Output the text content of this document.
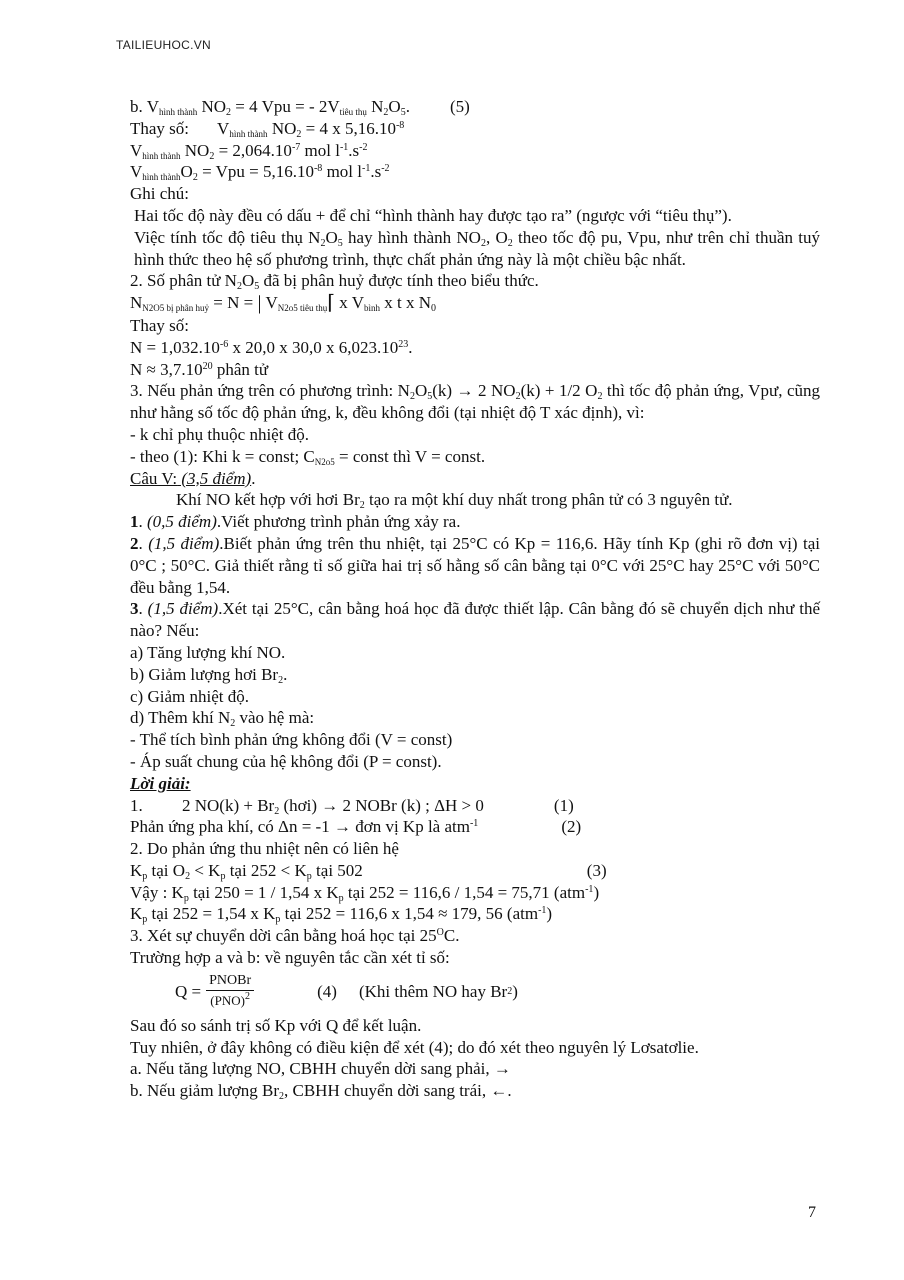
TAILIEUHOC.VN
b. $V_{hình thành}$ $NO_2 = 4$ Vpu = - $2V_{tiêu thụ}$ $N_2O_5$. (5)
Thay số: $V_{hình thành}$ $NO_2 = 4$ x $5,16.10^{-8}$
$V_{hình thành}$ $NO_2 = 2,064.10^{-7}$ mol $l^{-1}.s^{-2}$
$V_{hình thành}O_2$ = Vpu = $5,16.10^{-8}$ mol $l^{-1}.s^{-2}$
Ghi chú:
Hai tốc độ này đều có dấu + để chỉ “hình thành hay được tạo ra” (ngược với “tiêu thụ”).
Việc tính tốc độ tiêu thụ $N_2O_5$ hay hình thành $NO_2$, $O_2$ theo tốc độ pu, Vpu, như trên chỉ thuần tuý hình thức theo hệ số phương trình, thực chất phản ứng này là một chiều bậc nhất.
2. Số phân tử $N_2O_5$ đã bị phân huỷ được tính theo biểu thức.
$N_{N2O5 bị phân huỷ} = N$ = | $V_{N2o5 tiêu thụ}⌈$ x $V_{bình}$ x t x $N_0$
Thay số:
$N = 1,032.10^{-6}$ x 20,0 x 30,0 x 6,023.10$^{23}$.
$N \approx 3,7.10^{20}$ phân tử
3. Nếu phản ứng trên có phương trình: $N_2O_5(k) \to 2$ $NO_2(k) + 1/2$ $O_2$ thì tốc độ phản ứng, Vpư, cũng như hằng số tốc độ phản ứng, k, đều không đổi (tại nhiệt độ T xác định), vì:
- k chỉ phụ thuộc nhiệt độ.
- theo (1): Khi k = const; $C_{N2o5}$ = const thì V = const.
Câu V: (3,5 điểm).
Khí NO kết hợp với hơi $Br_2$ tạo ra một khí duy nhất trong phân tử có 3 nguyên tử.
1. (0,5 điểm).Viết phương trình phản ứng xảy ra.
2. (1,5 điểm).Biết phản ứng trên thu nhiệt, tại 25°C có Kp = 116,6. Hãy tính Kp (ghi rõ đơn vị) tại 0°C ; 50°C. Giả thiết rằng tỉ số giữa hai trị số hằng số cân bằng tại 0°C với 25°C hay 25°C với 50°C đều bằng 1,54.
3. (1,5 điểm).Xét tại 25°C, cân bằng hoá học đã được thiết lập. Cân bằng đó sẽ chuyển dịch như thế nào? Nếu:
a) Tăng lượng khí NO.
b) Giảm lượng hơi $Br_2$.
c) Giảm nhiệt độ.
d) Thêm khí $N_2$ vào hệ mà:
- Thể tích bình phản ứng không đổi (V = const)
- Áp suất chung của hệ không đổi (P = const).
Lời giải:
1. 2 $NO(k) + Br_2$ (hơi) → 2 NOBr (k) ; ΔH > 0	(1)
Phản ứng pha khí, có Δn = -1 → đơn vị Kp là atm$^{-1}$	(2)
2. Do phản ứng thu nhiệt nên có liên hệ
$K_p$ tại $O_2 < K_p$ tại $252 < K_p$ tại 502	(3)
Vậy : $K_p$ tại 250 = 1 / 1,54 x $K_p$ tại 252 = 116,6 / 1,54 = 75,71 (atm$^{-1}$)
$K_p$ tại 252 = 1,54 x $K_p$ tại 252 = 116,6 x 1,54 ≈ 179, 56 (atm$^{-1}$)
3. Xét sự chuyển dời cân bằng hoá học tại $25^OC$.
Trường hợp a và b: về nguyên tắc cần xét tỉ số:
$Q = \frac{\text{PNOBr}}{(PNO)^2}$	(4) (Khi thêm NO hay Br 2 )
Sau đó so sánh trị số Kp với Q để kết luận.
Tuy nhiên, ở đây không có điều kiện để xét (4); do đó xét theo nguyên lý Lơsatơlie.
a. Nếu tăng lượng NO, CBHH chuyển dời sang phải, →
b. Nếu giảm lượng $Br_2$, CBHH chuyển dời sang trái, ←.
7
